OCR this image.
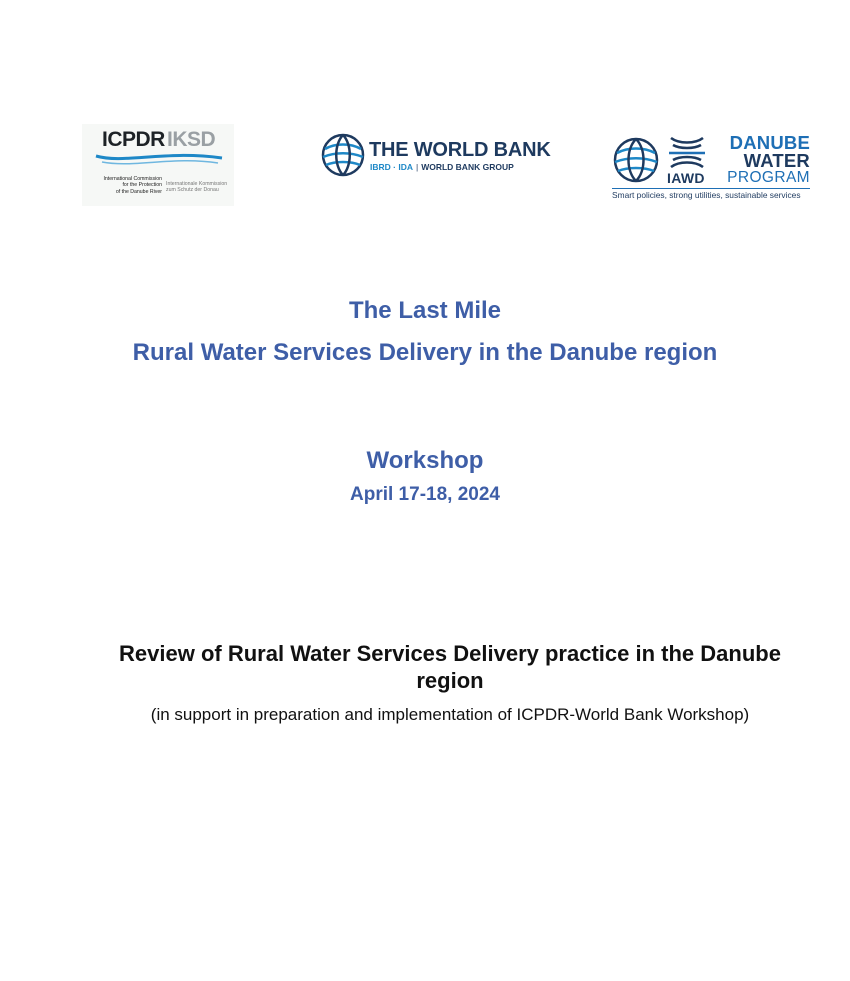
ICPDR IKSD
International Commission
for the Protection
of the Danube River
Internationale Kommission
zum Schutz der Donau
THE WORLD BANK
IBRD · IDA | WORLD BANK GROUP
IAWD
DANUBE
WATER
PROGRAM
Smart policies, strong utilities, sustainable services
The Last Mile
Rural Water Services Delivery in the Danube region
Workshop
April 17-18, 2024
Review of Rural Water Services Delivery practice in the Danube region
(in support in preparation and implementation of ICPDR-World Bank Workshop)
